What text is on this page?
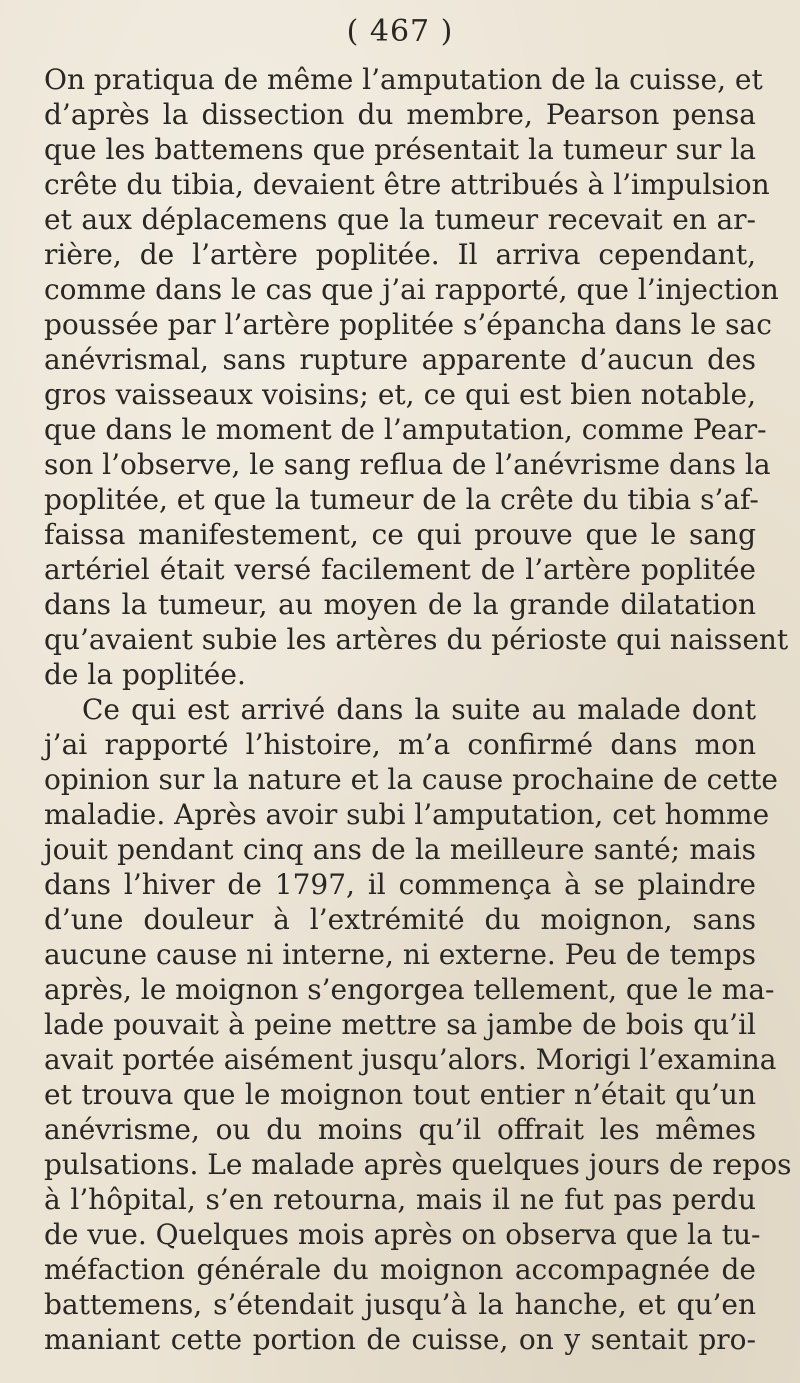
( 467 )
On pratiqua de même l’amputation de la cuisse, et
d’après la dissection du membre, Pearson pensa
que les battemens que présentait la tumeur sur la
crête du tibia, devaient être attribués à l’impulsion
et aux déplacemens que la tumeur recevait en ar-
rière, de l’artère poplitée. Il arriva cependant,
comme dans le cas que j’ai rapporté, que l’injection
poussée par l’artère poplitée s’épancha dans le sac
anévrismal, sans rupture apparente d’aucun des
gros vaisseaux voisins; et, ce qui est bien notable,
que dans le moment de l’amputation, comme Pear-
son l’observe, le sang reflua de l’anévrisme dans la
poplitée, et que la tumeur de la crête du tibia s’af-
faissa manifestement, ce qui prouve que le sang
artériel était versé facilement de l’artère poplitée
dans la tumeur, au moyen de la grande dilatation
qu’avaient subie les artères du périoste qui naissent
de la poplitée.
Ce qui est arrivé dans la suite au malade dont
j’ai rapporté l’histoire, m’a confirmé dans mon
opinion sur la nature et la cause prochaine de cette
maladie. Après avoir subi l’amputation, cet homme
jouit pendant cinq ans de la meilleure santé; mais
dans l’hiver de 1797, il commença à se plaindre
d’une douleur à l’extrémité du moignon, sans
aucune cause ni interne, ni externe. Peu de temps
après, le moignon s’engorgea tellement, que le ma-
lade pouvait à peine mettre sa jambe de bois qu’il
avait portée aisément jusqu’alors. Morigi l’examina
et trouva que le moignon tout entier n’était qu’un
anévrisme, ou du moins qu’il offrait les mêmes
pulsations. Le malade après quelques jours de repos
à l’hôpital, s’en retourna, mais il ne fut pas perdu
de vue. Quelques mois après on observa que la tu-
méfaction générale du moignon accompagnée de
battemens, s’étendait jusqu’à la hanche, et qu’en
maniant cette portion de cuisse, on y sentait pro-
